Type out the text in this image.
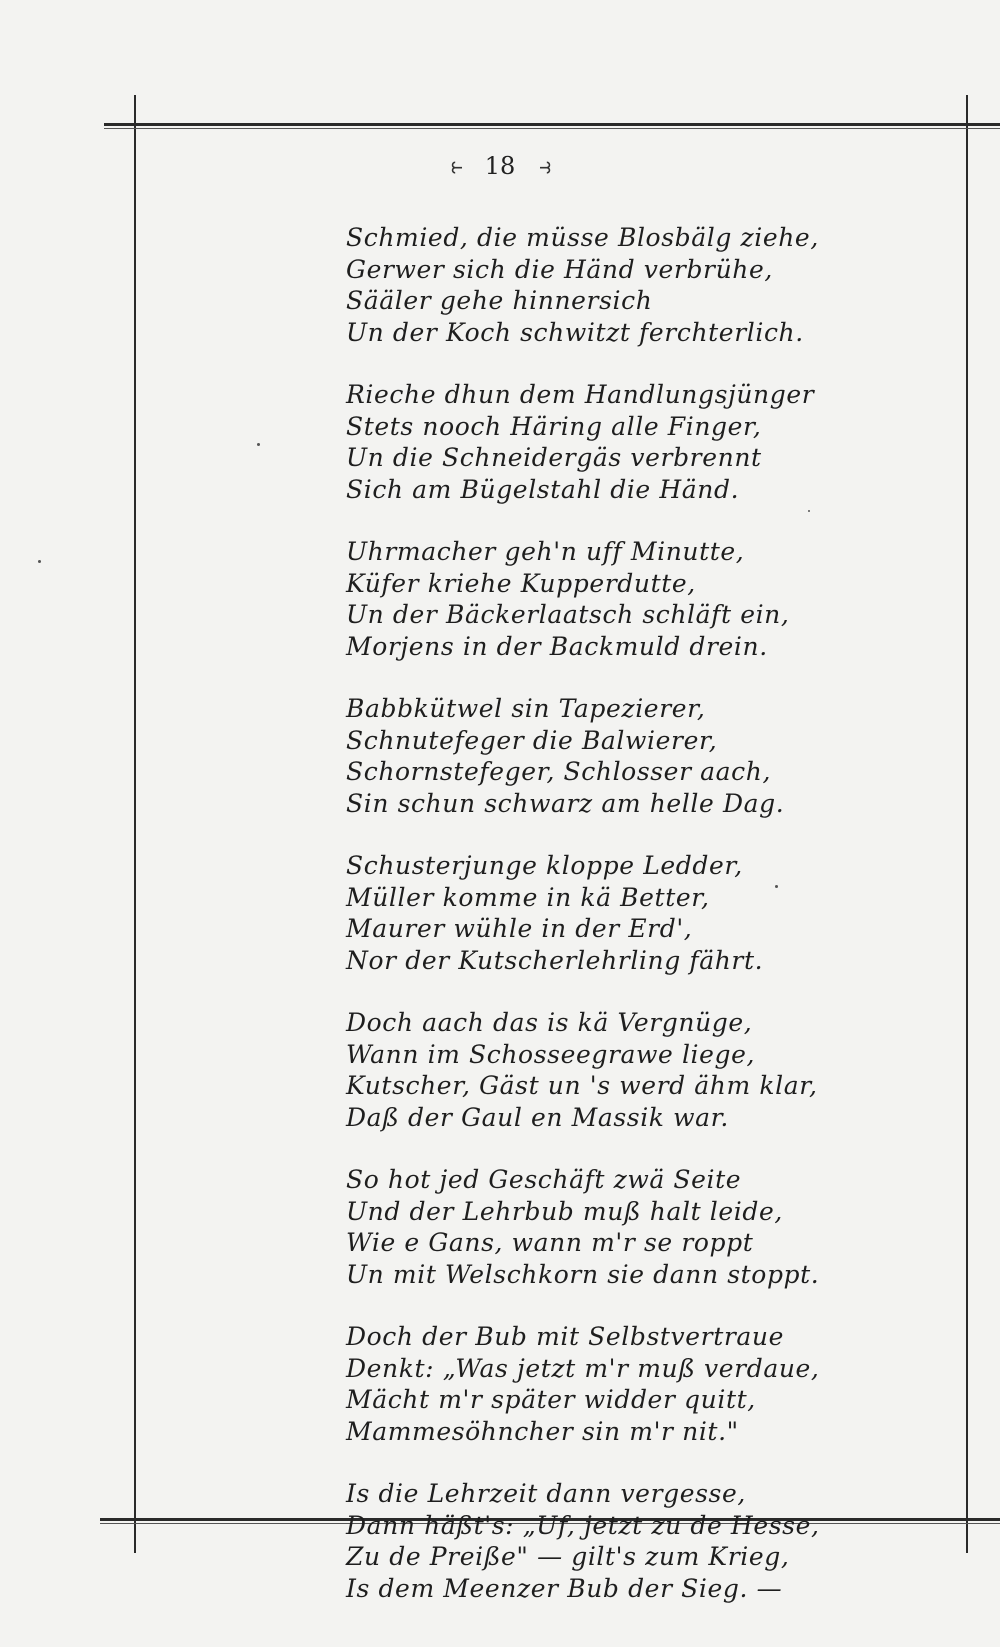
⥼ 18 ⥽
Schmied, die müsse Blosbälg ziehe,
Gerwer sich die Händ verbrühe,
Sääler gehe hinnersich
Un der Koch schwitzt ferchterlich.
Rieche dhun dem Handlungsjünger
Stets nooch Häring alle Finger,
Un die Schneidergäs verbrennt
Sich am Bügelstahl die Händ.
Uhrmacher geh'n uff Minutte,
Küfer kriehe Kupperdutte,
Un der Bäckerlaatsch schläft ein,
Morjens in der Backmuld drein.
Babbkütwel sin Tapezierer,
Schnutefeger die Balwierer,
Schornstefeger, Schlosser aach,
Sin schun schwarz am helle Dag.
Schusterjunge kloppe Ledder,
Müller komme in kä Better,
Maurer wühle in der Erd',
Nor der Kutscherlehrling fährt.
Doch aach das is kä Vergnüge,
Wann im Schosseegrawe liege,
Kutscher, Gäst un 's werd ähm klar,
Daß der Gaul en Massik war.
So hot jed Geschäft zwä Seite
Und der Lehrbub muß halt leide,
Wie e Gans, wann m'r se roppt
Un mit Welschkorn sie dann stoppt.
Doch der Bub mit Selbstvertraue
Denkt: „Was jetzt m'r muß verdaue,
Mächt m'r später widder quitt,
Mammesöhncher sin m'r nit."
Is die Lehrzeit dann vergesse,
Dann häßt's: „Uf, jetzt zu de Hesse,
Zu de Preiße" — gilt's zum Krieg,
Is dem Meenzer Bub der Sieg. —
